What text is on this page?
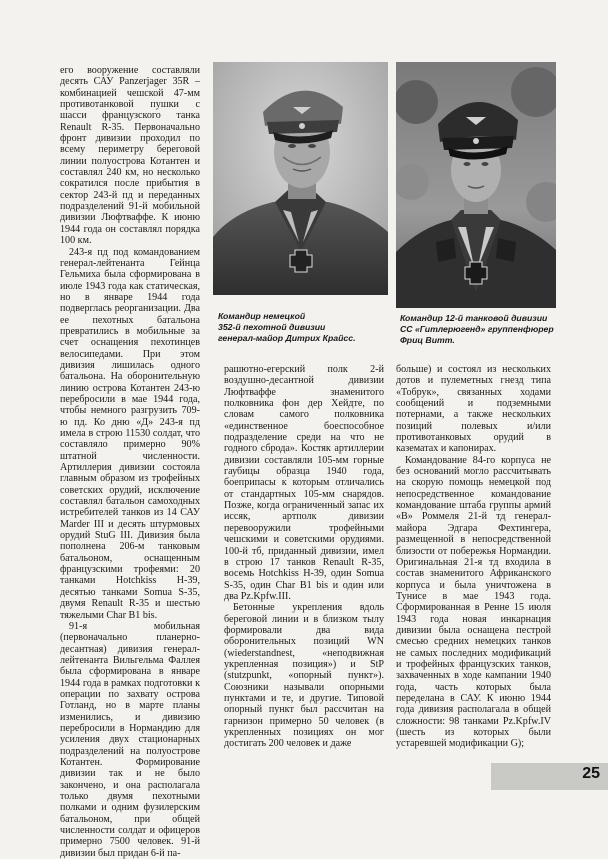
его вооружение составляли десять САУ Panzerjager 35R – комбинацией чешской 47-мм противотанковой пушки с шасси французского танка Renault R-35. Первоначально фронт дивизии проходил по всему периметру береговой линии полуострова Котантен и составлял 240 км, но несколько сократился после прибытия в сектор 243-й пд и переданных подразделений 91-й мобильной дивизии Люфтваффе. К июню 1944 года он составлял порядка 100 км.

243-я пд под командованием генерал-лейтенанта Гейнца Гельмиха была сформирована в июле 1943 года как статическая, но в январе 1944 года подверглась реорганизации. Два ее пехотных батальона превратились в мобильные за счет оснащения пехотинцев велосипедами. При этом дивизия лишилась одного батальона. На оборонительную линию острова Котантен 243-ю перебросили в мае 1944 года, чтобы немного разгрузить 709-ю пд. Ко дню «Д» 243-я пд имела в строю 11530 солдат, что составляло примерно 90% штатной численности. Артиллерия дивизии состояла главным образом из трофейных советских орудий, исключение составлял батальон самоходных истребителей танков из 14 САУ Marder III и десять штурмовых орудий StuG III. Дивизия была пополнена 206-м танковым батальоном, оснащенным французскими трофеями: 20 танками Hotchkiss H-39, десятью танками Somua S-35, двумя Renault R-35 и шестью тяжелыми Char B1 bis.

91-я мобильная (первоначально планерно-десантная) дивизия генерал-лейтенанта Вильгельма Фаллея была сформирована в январе 1944 года в рамках подготовки к операции по захвату острова Готланд, но в марте планы изменились, и дивизию перебросили в Нормандию для усиления двух стационарных подразделений на полуострове Котантен. Формирование дивизии так и не было закончено, и она располагала только двумя пехотными полками и одним фузилерским батальоном, при общей численности солдат и офицеров примерно 7500 человек. 91-й дивизии был придан 6-й па-

Командир немецкой
352-й пехотной дивизии
генерал-майор Дитрих Крайсс.
Командир 12-й танковой дивизии
СС «Гитлерюгенд» группенфюрер
Фриц Витт.

рашютно-егерский полк 2-й воздушно-десантной дивизии Люфтваффе знаменитого полковника фон дер Хейдте, по словам самого полковника «единственное боеспособное подразделение среди на что не годного сброда». Костяк артиллерии дивизии составляли 105-мм горные гаубицы образца 1940 года, боеприпасы к которым отличались от стандартных 105-мм снарядов. Позже, когда ограниченный запас их иссяк, артполк дивизии перевооружили трофейными чешскими и советскими орудиями. 100-й тб, приданный дивизии, имел в строю 17 танков Renault R-35, восемь Hotchkiss H-39, один Somua S-35, один Char B1 bis и один или два Pz.Kpfw.III.

Бетонные укрепления вдоль береговой линии и в близком тылу формировали два вида оборонительных позиций WN (wiederstandnest, «неподвижная укрепленная позиция») и StP (stutzpunkt, «опорный пункт»). Союзники называли опорными пунктами и те, и другие. Типовой опорный пункт был рассчитан на гарнизон примерно 50 человек (в укрепленных позициях он мог достигать 200 человек и даже

больше) и состоял из нескольких дотов и пулеметных гнезд типа «Тобрук», связанных ходами сообщений и подземными потернами, а также нескольких позиций полевых и/или противотанковых орудий в казематах и капонирах.

Командование 84-го корпуса не без оснований могло рассчитывать на скорую помощь немецкой под непосредственное командование командование штаба группы армий «В» Роммеля 21-й тд генерал-майора Эдгара Фехтингера, размещенной в непосредственной близости от побережья Нормандии. Оригинальная 21-я тд входила в состав знаменитого Африканского корпуса и была уничтожена в Тунисе в мае 1943 года. Сформированная в Ренне 15 июля 1943 года новая инкарнация дивизии была оснащена пестрой смесью средних немецких танков не самых последних модификаций и трофейных французских танков, захваченных в ходе кампании 1940 года, часть которых была переделана в САУ. К июню 1944 года дивизия располагала в общей сложности: 98 танками Pz.Kpfw.IV (шесть из которых были устаревшей модификации G);

25
